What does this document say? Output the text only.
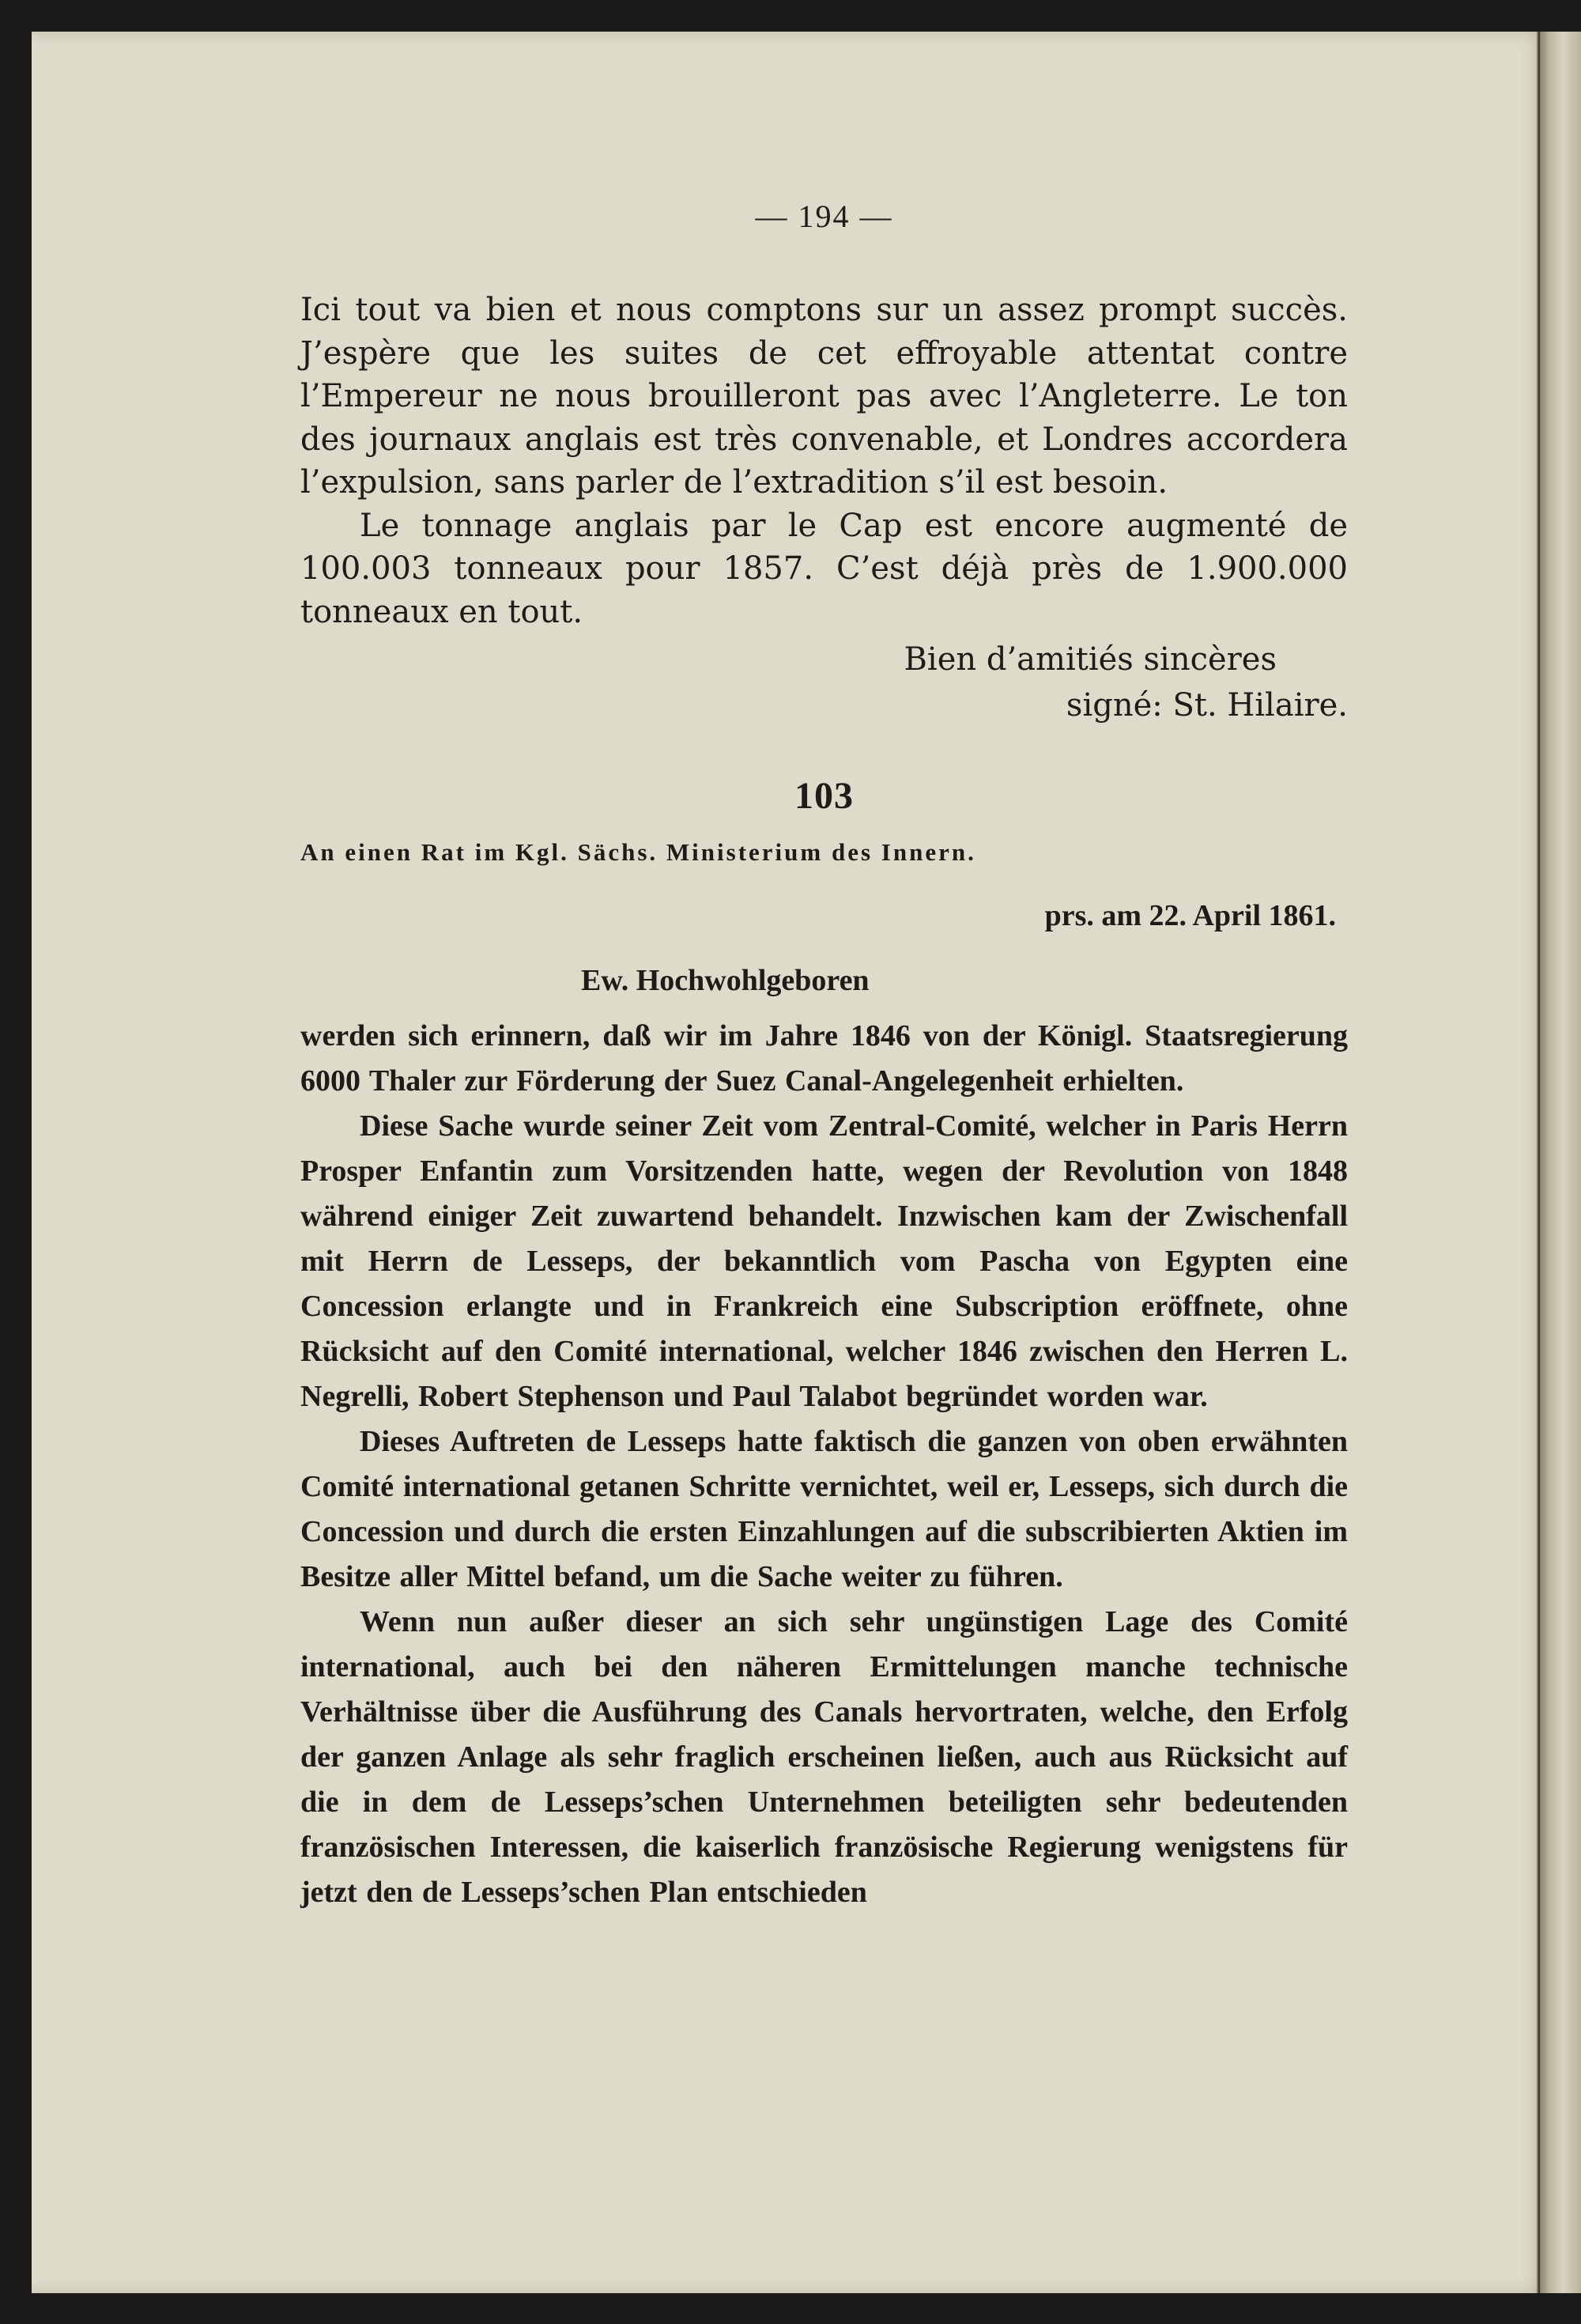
— 194 —

Ici tout va bien et nous comptons sur un assez prompt succès. J’espère que les suites de cet effroyable attentat contre l’Empereur ne nous brouilleront pas avec l’Angleterre. Le ton des journaux anglais est très convenable, et Londres accordera l’expulsion, sans parler de l’extradition s’il est besoin.

Le tonnage anglais par le Cap est encore augmenté de 100.003 tonneaux pour 1857. C’est déjà près de 1.900.000 tonneaux en tout.

Bien d’amitiés sincères
signé: St. Hilaire.
103
An einen Rat im Kgl. Sächs. Ministerium des Innern.
prs. am 22. April 1861.
Ew. Hochwohlgeboren

werden sich erinnern, daß wir im Jahre 1846 von der Königl. Staatsregierung 6000 Thaler zur Förderung der Suez Canal-Angelegenheit erhielten.

Diese Sache wurde seiner Zeit vom Zentral-Comité, welcher in Paris Herrn Prosper Enfantin zum Vorsitzenden hatte, wegen der Revolution von 1848 während einiger Zeit zuwartend behandelt. Inzwischen kam der Zwischenfall mit Herrn de Lesseps, der bekanntlich vom Pascha von Egypten eine Concession erlangte und in Frankreich eine Subscription eröffnete, ohne Rücksicht auf den Comité international, welcher 1846 zwischen den Herren L. Negrelli, Robert Stephenson und Paul Talabot begründet worden war.

Dieses Auftreten de Lesseps hatte faktisch die ganzen von oben erwähnten Comité international getanen Schritte vernichtet, weil er, Lesseps, sich durch die Concession und durch die ersten Einzahlungen auf die subscribierten Aktien im Besitze aller Mittel befand, um die Sache weiter zu führen.

Wenn nun außer dieser an sich sehr ungünstigen Lage des Comité international, auch bei den näheren Ermittelungen manche technische Verhältnisse über die Ausführung des Canals hervortraten, welche, den Erfolg der ganzen Anlage als sehr fraglich erscheinen ließen, auch aus Rücksicht auf die in dem de Lesseps’schen Unternehmen beteiligten sehr bedeutenden französischen Interessen, die kaiserlich französische Regierung wenigstens für jetzt den de Lesseps’schen Plan entschieden
